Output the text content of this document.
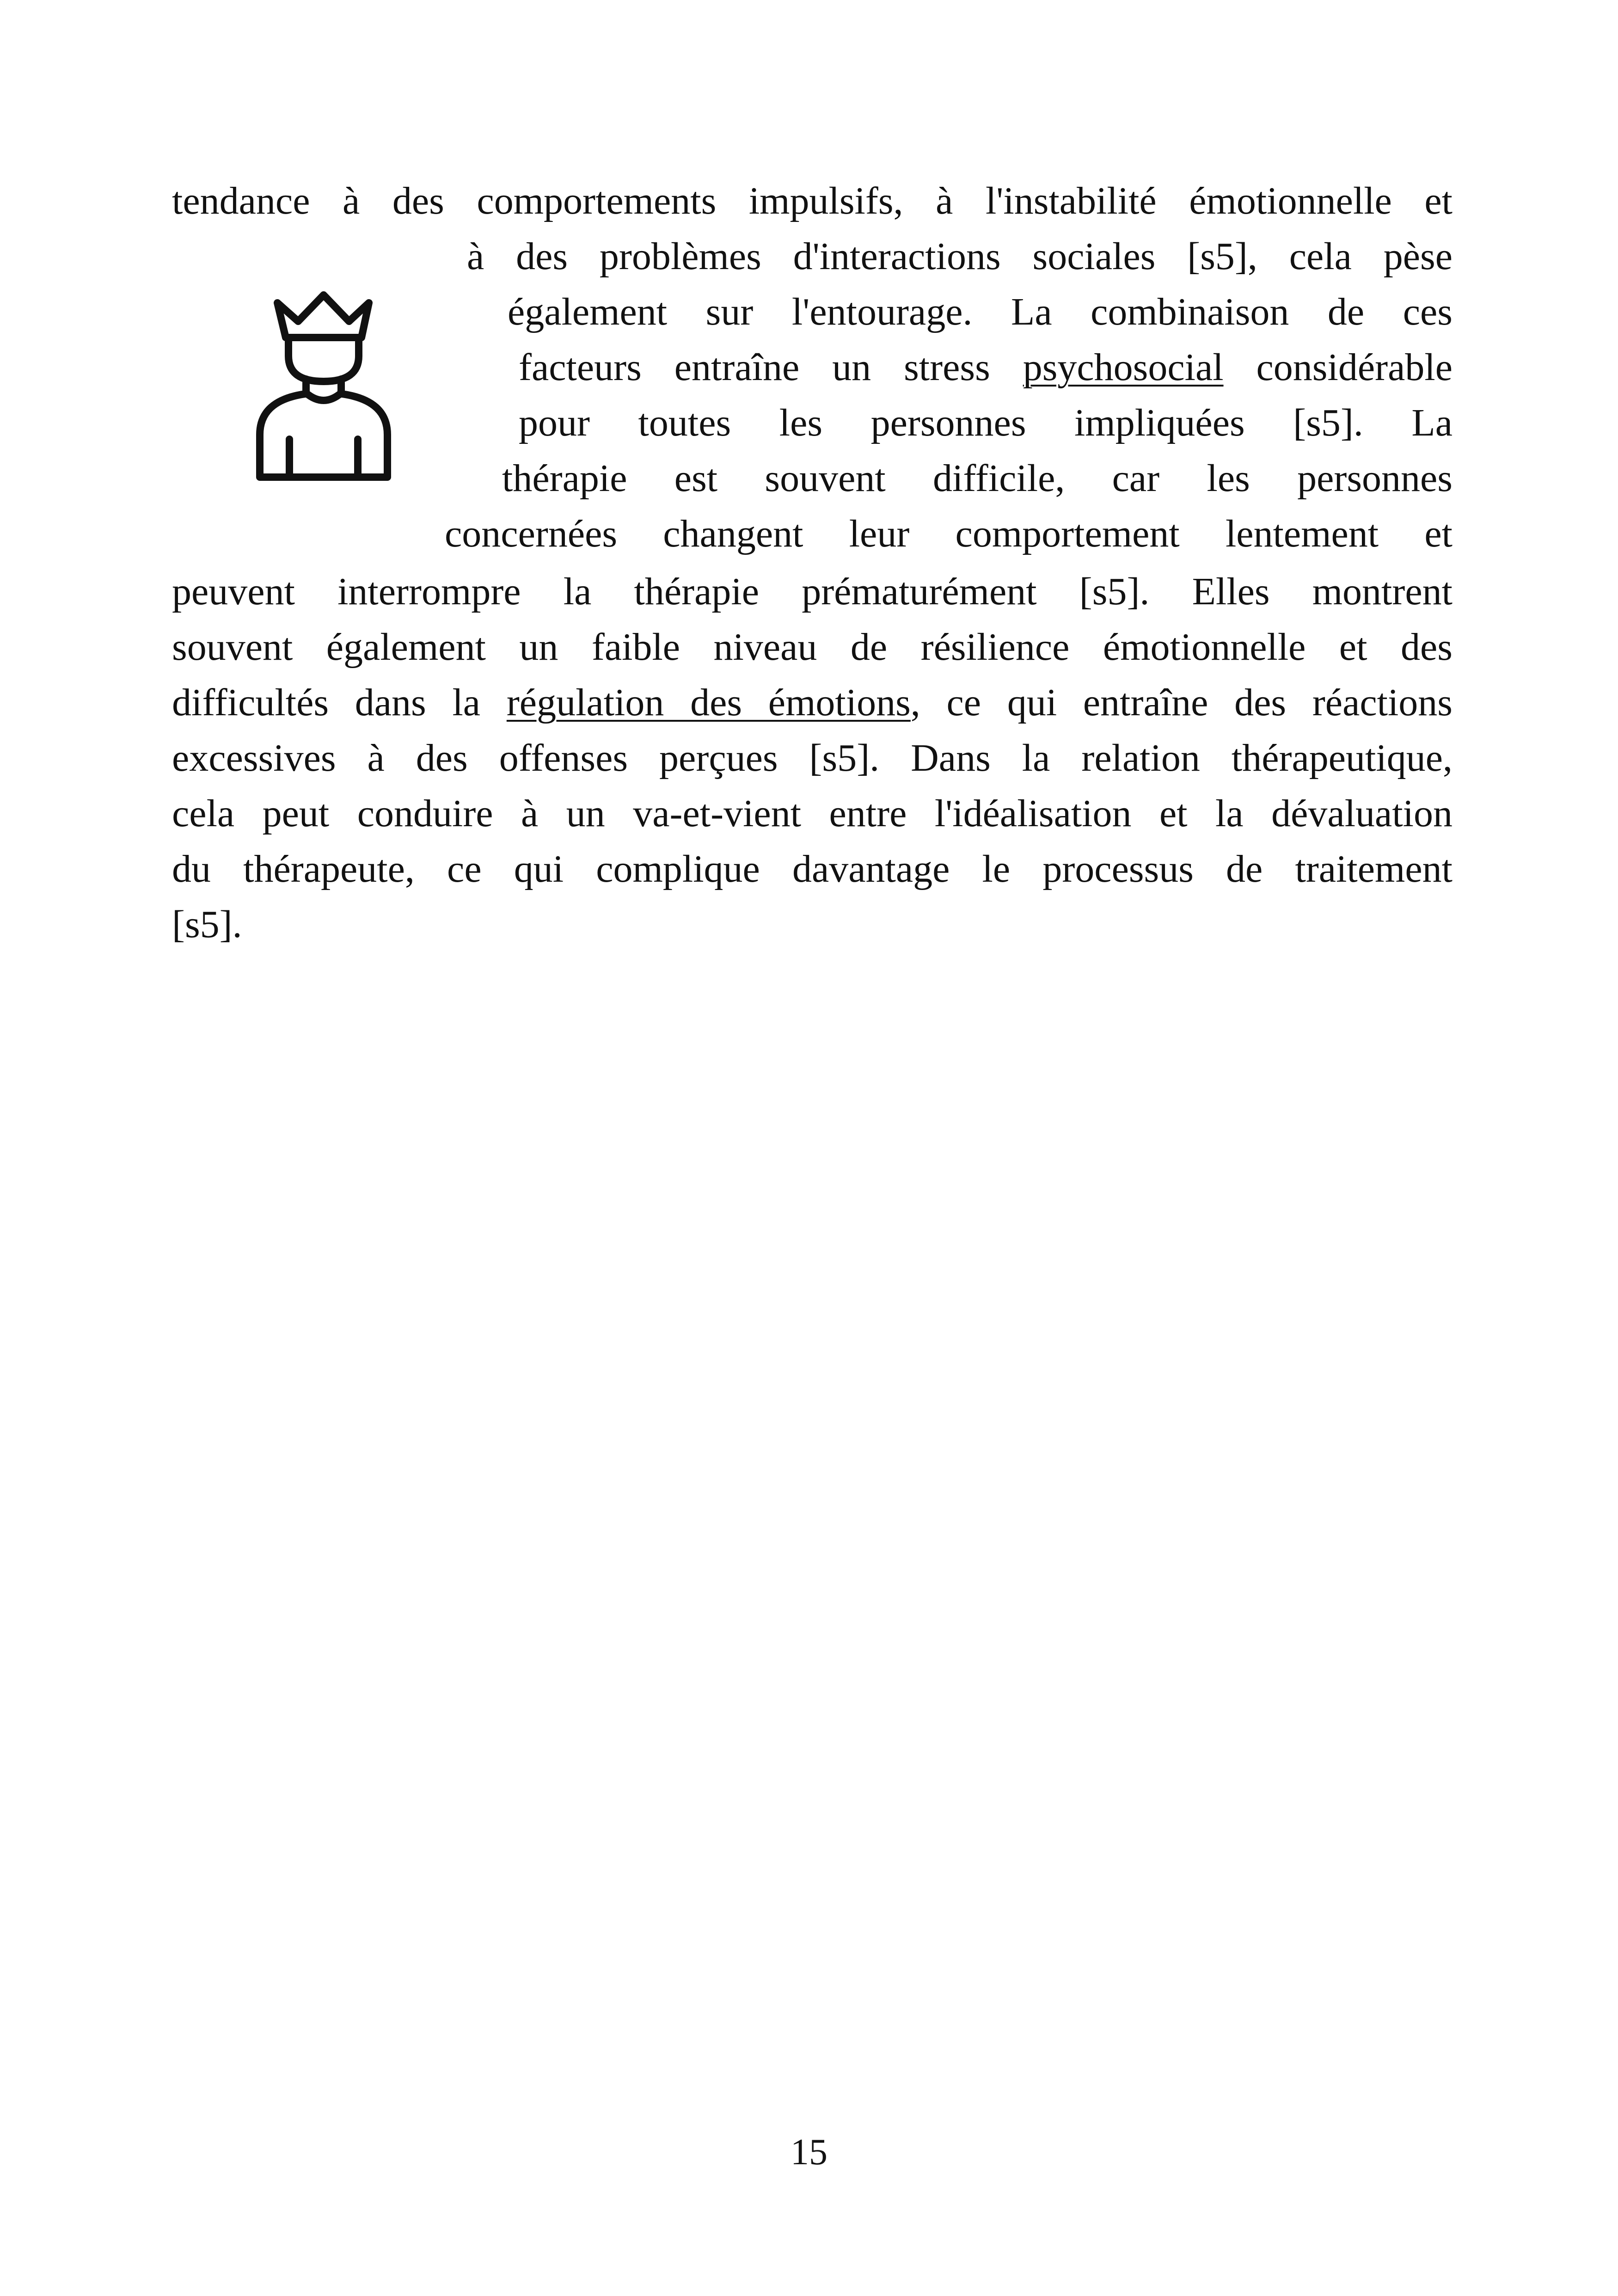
tendance à des comportements impulsifs, à l'instabilité émotionnelle et
à des problèmes d'interactions sociales [s5], cela pèse
également sur l'entourage. La combinaison de ces
facteurs entraîne un stress psychosocial considérable
pour toutes les personnes impliquées [s5]. La
thérapie est souvent difficile, car les personnes
concernées changent leur comportement lentement et
peuvent interrompre la thérapie prématurément [s5]. Elles montrent
souvent également un faible niveau de résilience émotionnelle et des
difficultés dans la régulation des émotions, ce qui entraîne des réactions
excessives à des offenses perçues [s5]. Dans la relation thérapeutique,
cela peut conduire à un va-et-vient entre l'idéalisation et la dévaluation
du thérapeute, ce qui complique davantage le processus de traitement
[s5].
15
